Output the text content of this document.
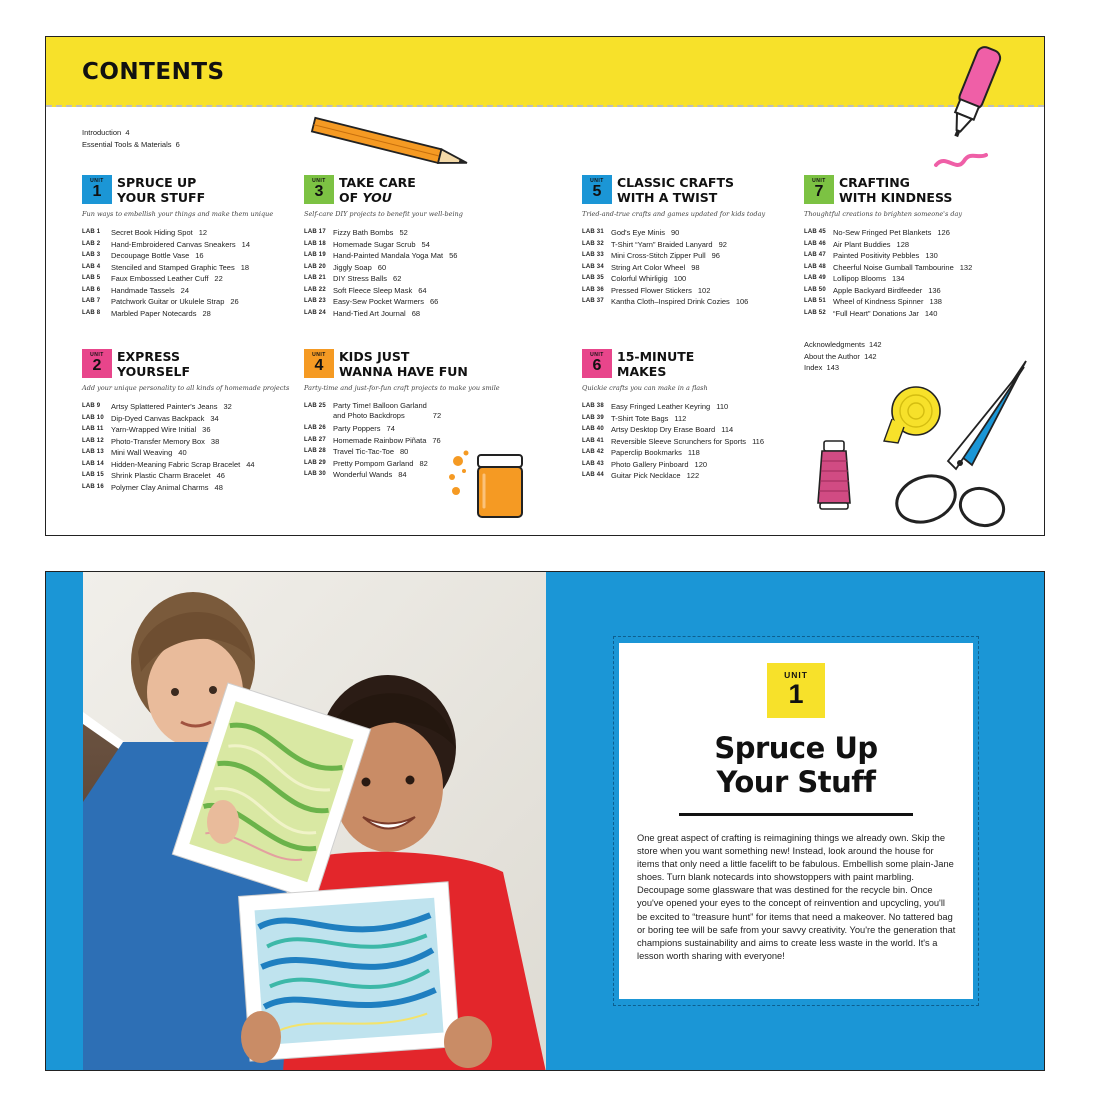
CONTENTS
Introduction 4
Essential Tools & Materials 6
UNIT
1
SPRUCE UP
YOUR STUFF
Fun ways to embellish your things and make them unique
LAB 1	Secret Book Hiding Spot 12
LAB 2	Hand-Embroidered Canvas Sneakers 14
LAB 3	Decoupage Bottle Vase 16
LAB 4	Stenciled and Stamped Graphic Tees 18
LAB 5	Faux Embossed Leather Cuff 22
LAB 6	Handmade Tassels 24
LAB 7	Patchwork Guitar or Ukulele Strap 26
LAB 8	Marbled Paper Notecards 28
UNIT
2
EXPRESS
YOURSELF
Add your unique personality to all kinds of homemade projects
LAB 9	Artsy Splattered Painter's Jeans 32
LAB 10 Dip-Dyed Canvas Backpack 34
LAB 11 Yarn-Wrapped Wire Initial 36
LAB 12 Photo-Transfer Memory Box 38
LAB 13 Mini Wall Weaving 40
LAB 14 Hidden-Meaning Fabric Scrap Bracelet 44
LAB 15 Shrink Plastic Charm Bracelet 46
LAB 16 Polymer Clay Animal Charms 48
UNIT
3
TAKE CARE
OF YOU
Self-care DIY projects to benefit your well-being
LAB 17 Fizzy Bath Bombs 52
LAB 18 Homemade Sugar Scrub 54
LAB 19 Hand-Painted Mandala Yoga Mat 56
LAB 20 Jiggly Soap 60
LAB 21 DIY Stress Balls 62
LAB 22 Soft Fleece Sleep Mask 64
LAB 23 Easy-Sew Pocket Warmers 66
LAB 24 Hand-Tied Art Journal 68
UNIT
4
KIDS JUST
WANNA HAVE FUN
Party-time and just-for-fun craft projects to make you smile
LAB 25 Party Time! Balloon Garland
and Photo Backdrops	72
LAB 26 Party Poppers 74
LAB 27 Homemade Rainbow Piñata 76
LAB 28 Travel Tic-Tac-Toe 80
LAB 29 Pretty Pompom Garland 82
LAB 30 Wonderful Wands 84
UNIT
5
CLASSIC CRAFTS
WITH A TWIST
Tried-and-true crafts and games updated for kids today
LAB 31 God's Eye Minis 90
LAB 32 T-Shirt “Yarn” Braided Lanyard 92
LAB 33 Mini Cross-Stitch Zipper Pull 96
LAB 34 String Art Color Wheel 98
LAB 35 Colorful Whirligig 100
LAB 36 Pressed Flower Stickers 102
LAB 37 Kantha Cloth–Inspired Drink Cozies 106
UNIT
6
15-MINUTE
MAKES
Quickie crafts you can make in a flash
LAB 38 Easy Fringed Leather Keyring 110
LAB 39 T-Shirt Tote Bags 112
LAB 40 Artsy Desktop Dry Erase Board 114
LAB 41 Reversible Sleeve Scrunchers for Sports 116
LAB 42 Paperclip Bookmarks 118
LAB 43 Photo Gallery Pinboard 120
LAB 44 Guitar Pick Necklace 122
UNIT
7
CRAFTING
WITH KINDNESS
Thoughtful creations to brighten someone's day
LAB 45 No-Sew Fringed Pet Blankets 126
LAB 46 Air Plant Buddies 128
LAB 47 Painted Positivity Pebbles 130
LAB 48 Cheerful Noise Gumball Tambourine 132
LAB 49 Lollipop Blooms 134
LAB 50 Apple Backyard Birdfeeder 136
LAB 51 Wheel of Kindness Spinner 138
LAB 52 “Full Heart” Donations Jar 140
Acknowledgments 142
About the Author 142
Index 143
UNIT
1
Spruce Up
Your Stuff
One great aspect of crafting is reimagining things we already own. Skip the store when you want something new! Instead, look around the house for items that only need a little facelift to be fabulous. Embellish some plain-Jane shoes. Turn blank notecards into showstoppers with paint marbling. Decoupage some glassware that was destined for the recycle bin. Once you've opened your eyes to the concept of reinvention and upcycling, you'll be excited to “treasure hunt” for items that need a makeover. No tattered bag or boring tee will be safe from your savvy creativity. You're the generation that champions sustainability and aims to create less waste in the world. It's a lesson worth sharing with everyone!
